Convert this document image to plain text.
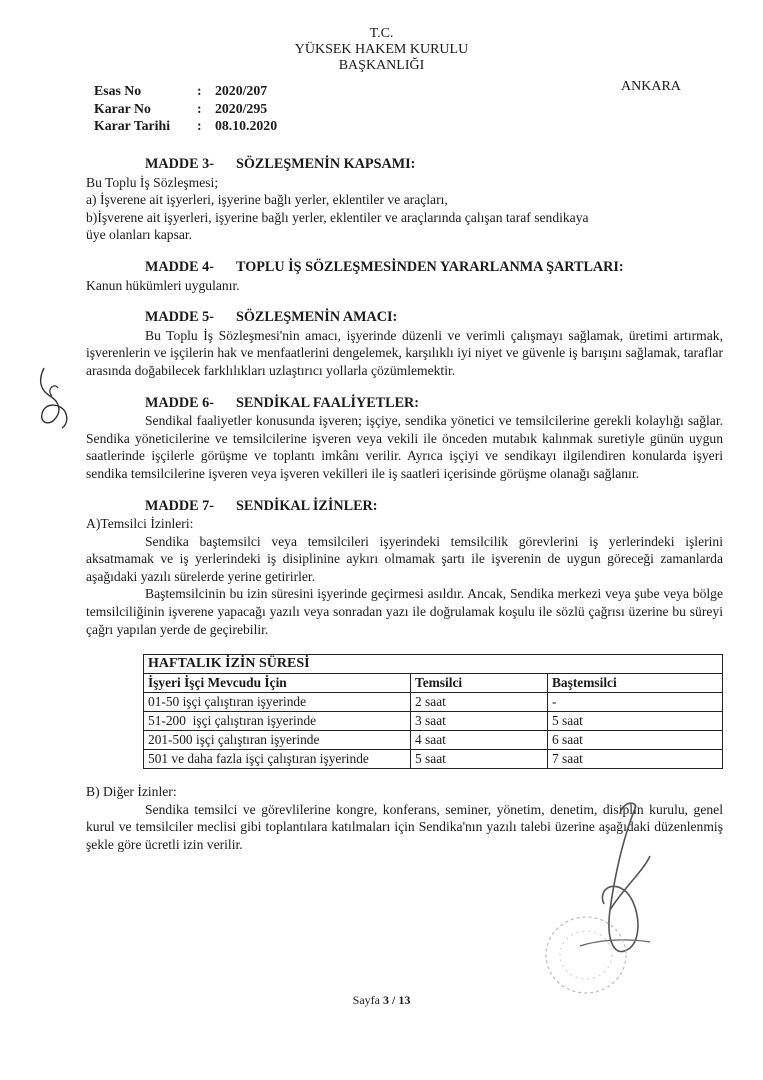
T.C.
YÜKSEK HAKEM KURULU
BAŞKANLIĞI
ANKARA
Esas No	: 2020/207
Karar No	: 2020/295
Karar Tarihi	: 08.10.2020
MADDE 3- SÖZLEŞMENİN KAPSAMI:
Bu Toplu İş Sözleşmesi;
a) İşverene ait işyerleri, işyerine bağlı yerler, eklentiler ve araçları,
b)İşverene ait işyerleri, işyerine bağlı yerler, eklentiler ve araçlarında çalışan taraf sendikaya
üye olanları kapsar.
MADDE 4- TOPLU İŞ SÖZLEŞMESİNDEN YARARLANMA ŞARTLARI:
Kanun hükümleri uygulanır.
MADDE 5- SÖZLEŞMENİN AMACI:
Bu Toplu İş Sözleşmesi'nin amacı, işyerinde düzenli ve verimli çalışmayı sağlamak, üretimi artırmak, işverenlerin ve işçilerin hak ve menfaatlerini dengelemek, karşılıklı iyi niyet ve güvenle iş barışını sağlamak, taraflar arasında doğabilecek farklılıkları uzlaştırıcı yollarla çözümlemektir.
MADDE 6- SENDİKAL FAALİYETLER:
Sendikal faaliyetler konusunda işveren; işçiye, sendika yönetici ve temsilcilerine gerekli kolaylığı sağlar. Sendika yöneticilerine ve temsilcilerine işveren veya vekili ile önceden mutabık kalınmak suretiyle günün uygun saatlerinde işçilerle görüşme ve toplantı imkânı verilir. Ayrıca işçiyi ve sendikayı ilgilendiren konularda işyeri sendika temsilcilerine işveren veya işveren vekilleri ile iş saatleri içerisinde görüşme olanağı sağlanır.
MADDE 7- SENDİKAL İZİNLER:
A)Temsilci İzinleri:
Sendika baştemsilci veya temsilcileri işyerindeki temsilcilik görevlerini iş yerlerindeki işlerini aksatmamak ve iş yerlerindeki iş disiplinine aykırı olmamak şartı ile işverenin de uygun göreceği zamanlarda aşağıdaki yazılı sürelerde yerine getirirler.
Baştemsilcinin bu izin süresini işyerinde geçirmesi asıldır. Ancak, Sendika merkezi veya şube veya bölge temsilciliğinin işverene yapacağı yazılı veya sonradan yazı ile doğrulamak koşulu ile sözlü çağrısı üzerine bu süreyi çağrı yapılan yerde de geçirebilir.
HAFTALIK İZİN SÜRESİ		
İşyeri İşçi Mevcudu İçin	Temsilci	Baştemsilci
01-50 işçi çalıştıran işyerinde	2 saat	-
51-200  işçi çalıştıran işyerinde	3 saat	5 saat
201-500 işçi çalıştıran işyerinde	4 saat	6 saat
501 ve daha fazla işçi çalıştıran işyerinde	5 saat	7 saat
B) Diğer İzinler:
Sendika temsilci ve görevlilerine kongre, konferans, seminer, yönetim, denetim, disiplin kurulu, genel kurul ve temsilciler meclisi gibi toplantılara katılmaları için Sendika'nın yazılı talebi üzerine aşağıdaki düzenlenmiş şekle göre ücretli izin verilir.
Sayfa 3 / 13
